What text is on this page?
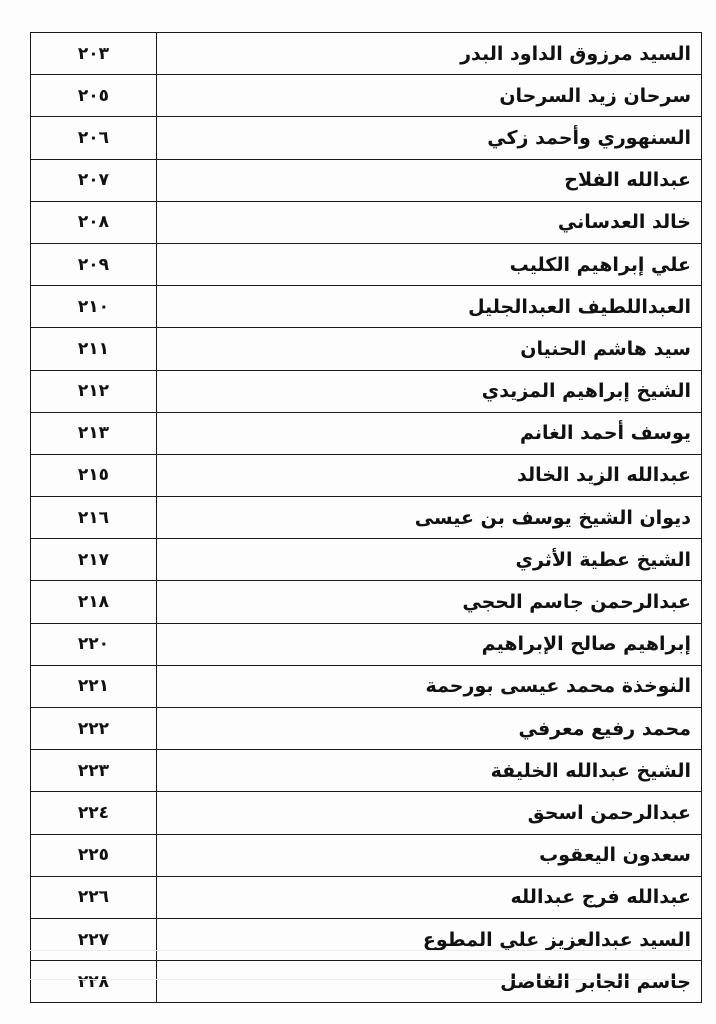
السيد مرزوق الداود البدر	٢٠٣
سرحان زيد السرحان	٢٠٥
السنهوري وأحمد زكي	٢٠٦
عبدالله الفلاح	٢٠٧
خالد العدساني	٢٠٨
علي إبراهيم الكليب	٢٠٩
العبداللطيف العبدالجليل	٢١٠
سيد هاشم الحنيان	٢١١
الشيخ إبراهيم المزيدي	٢١٢
يوسف أحمد الغانم	٢١٣
عبدالله الزيد الخالد	٢١٥
ديوان الشيخ يوسف بن عيسى	٢١٦
الشيخ عطية الأثري	٢١٧
عبدالرحمن جاسم الحجي	٢١٨
إبراهيم صالح الإبراهيم	٢٢٠
النوخذة محمد عيسى بورحمة	٢٢١
محمد رفيع معرفي	٢٢٢
الشيخ عبدالله الخليفة	٢٢٣
عبدالرحمن اسحق	٢٢٤
سعدون اليعقوب	٢٢٥
عبدالله فرج عبدالله	٢٢٦
السيد عبدالعزيز علي المطوع	٢٢٧
جاسم الجابر الفاضل	٢٢٨
